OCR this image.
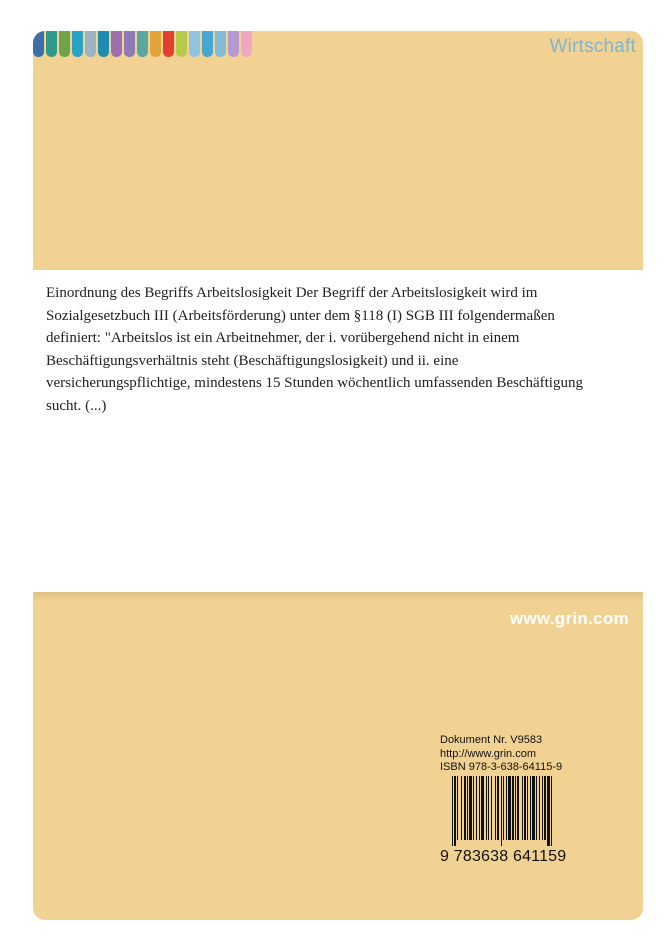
Wirtschaft

Einordnung des Begriffs Arbeitslosigkeit Der Begriff der Arbeitslosigkeit wird im Sozialgesetzbuch III (Arbeitsförderung) unter dem §118 (I) SGB III folgendermaßen definiert: "Arbeitslos ist ein Arbeitnehmer, der i. vorübergehend nicht in einem Beschäftigungsverhältnis steht (Beschäftigungslosigkeit) und ii. eine versicherungspflichtige, mindestens 15 Stunden wöchentlich umfassenden Beschäftigung sucht. (...)

www.grin.com
Dokument Nr. V9583
http://www.grin.com
ISBN 978-3-638-64115-9
9 783638 641159
